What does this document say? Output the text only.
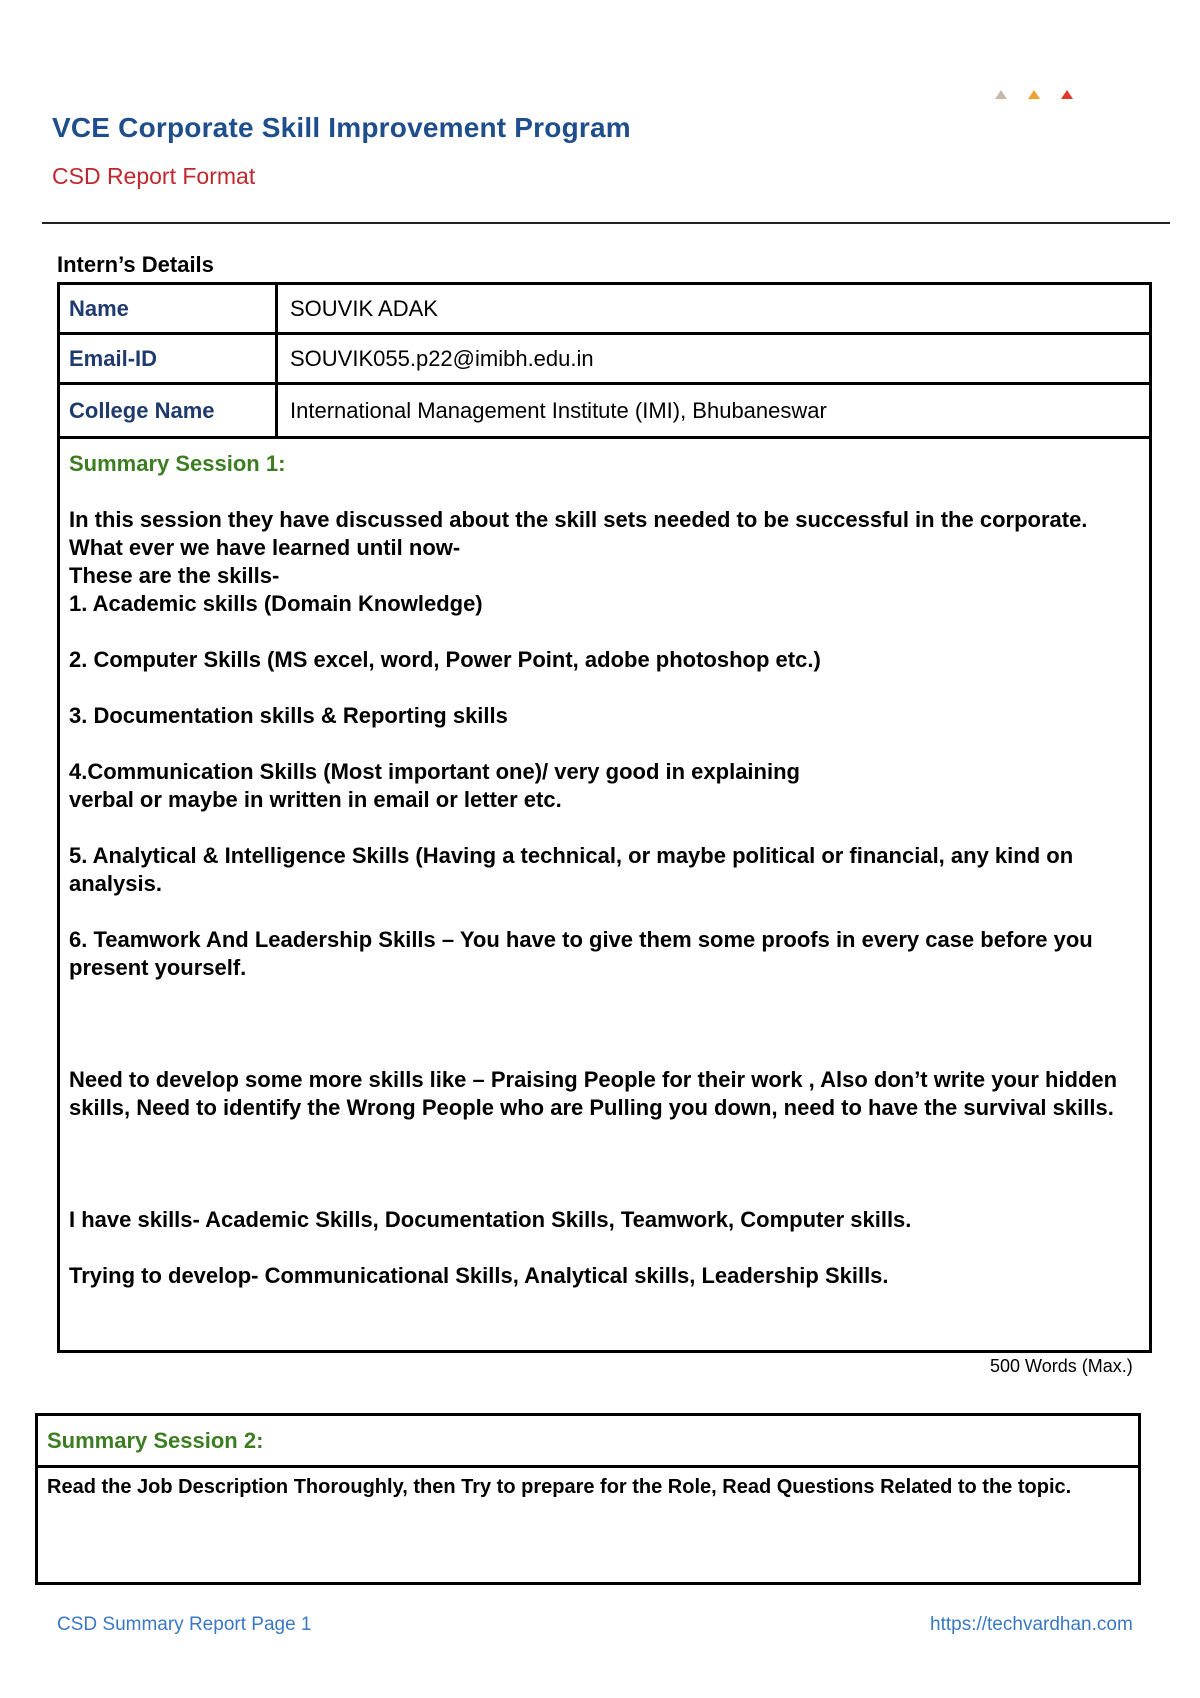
VCE Corporate Skill Improvement Program
CSD Report Format
Intern’s Details
Name	SOUVIK ADAK
Email-ID	SOUVIK055.p22@imibh.edu.in
College Name	International Management Institute (IMI), Bhubaneswar

Summary Session 1:

In this session they have discussed about the skill sets needed to be successful in the corporate. What ever we have learned until now-

These are the skills-

1. Academic skills (Domain Knowledge)

2. Computer Skills (MS excel, word, Power Point, adobe photoshop etc.)

3. Documentation skills & Reporting skills

4.Communication Skills (Most important one)/ very good in explaining verbal or maybe in written in email or letter etc.

5. Analytical & Intelligence Skills (Having a technical, or maybe political or financial, any kind on analysis.

6. Teamwork And Leadership Skills – You have to give them some proofs in every case before you present yourself.

Need to develop some more skills like – Praising People for their work , Also don’t write your hidden skills, Need to identify the Wrong People who are Pulling you down, need to have the survival skills.

I have skills- Academic Skills, Documentation Skills, Teamwork, Computer skills.

Trying to develop- Communicational Skills, Analytical skills, Leadership Skills.

500 Words (Max.)
Summary Session 2:
Read the Job Description Thoroughly, then Try to prepare for the Role, Read Questions Related to the topic.
CSD Summary Report Page 1	https://techvardhan.com
